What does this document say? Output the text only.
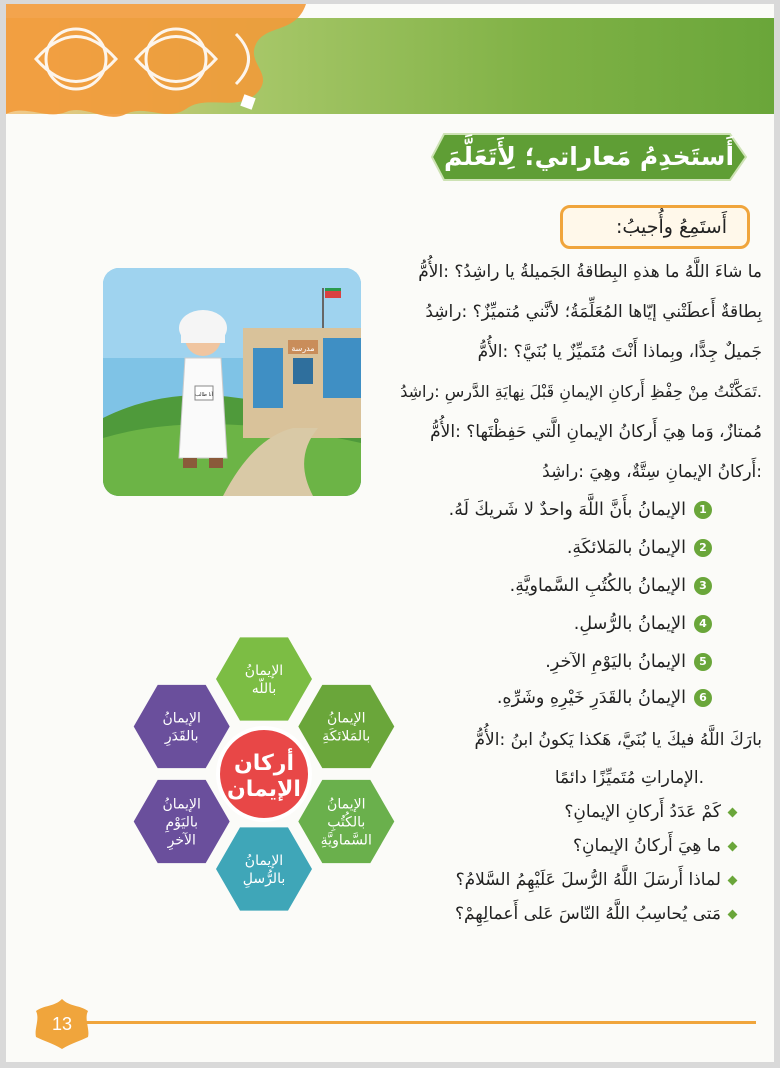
أَستَخدِمُ مَعاراتي؛ لِأَتَعَلَّمَ
أَستَمِعُ وأُجيبُ:
مدرسة
أنا طالب
الأُمُّ: ما شاءَ اللَّهُ ما هذهِ البِطاقةُ الجَميلةُ يا راشِدُ؟
راشِدُ: بِطاقةٌ أَعطَتْني إيّاها المُعَلِّمَةُ؛ لأنَّني مُتميِّزٌ؟
الأُمُّ: جَميلٌ جِدًّا، وبِماذا أَنْتَ مُتَميِّزٌ يا بُنَيَّ؟
راشِدُ: تَمَكَّنْتُ مِنْ حِفْظِ أَركانِ الإيمانِ قَبْلَ نِهايَةِ الدَّرسِ.
الأُمُّ: مُمتازٌ، وَما هِيَ أَركانُ الإيمانِ الَّتي حَفِظْتَها؟
راشِدُ: أَركانُ الإيمانِ سِتَّةٌ، وهِيَ:
1الإيمانُ بأَنَّ اللَّهَ واحدٌ لا شَريكَ لَهُ.
2الإيمانُ بالمَلائكَةِ.
3الإيمانُ بالكُتُبِ السَّماويَّةِ.
4الإيمانُ بالرُّسلِ.
5الإيمانُ باليَوْمِ الآخرِ.
6الإيمانُ بالقَدَرِ خَيْرِهِ وشَرِّهِ.
الأُمُّ: بارَكَ اللَّهُ فيكَ يا بُنَيَّ، هَكذا يَكونُ ابنُ
الإماراتِ مُتَميِّزًا دائمًا.
كَمْ عَدَدُ أَركانِ الإيمانِ؟
ما هِيَ أَركانُ الإيمانِ؟
لماذا أَرسَلَ اللَّهُ الرُّسلَ عَلَيْهِمُ السَّلامُ؟
مَتى يُحاسِبُ اللَّهُ النّاسَ عَلى أَعمالِهِمْ؟
الإيمانُ
باللّه
الإيمانُ
بالمَلائكَةِ
الإيمانُ
بالكُتُبِ
السَّماويَّةِ
الإيمانُ
بالرُّسلِ
الإيمانُ
باليَوْمِ
الآخرِ
الإيمانُ
بالقَدَرِ
أركان
الإيمان
13
